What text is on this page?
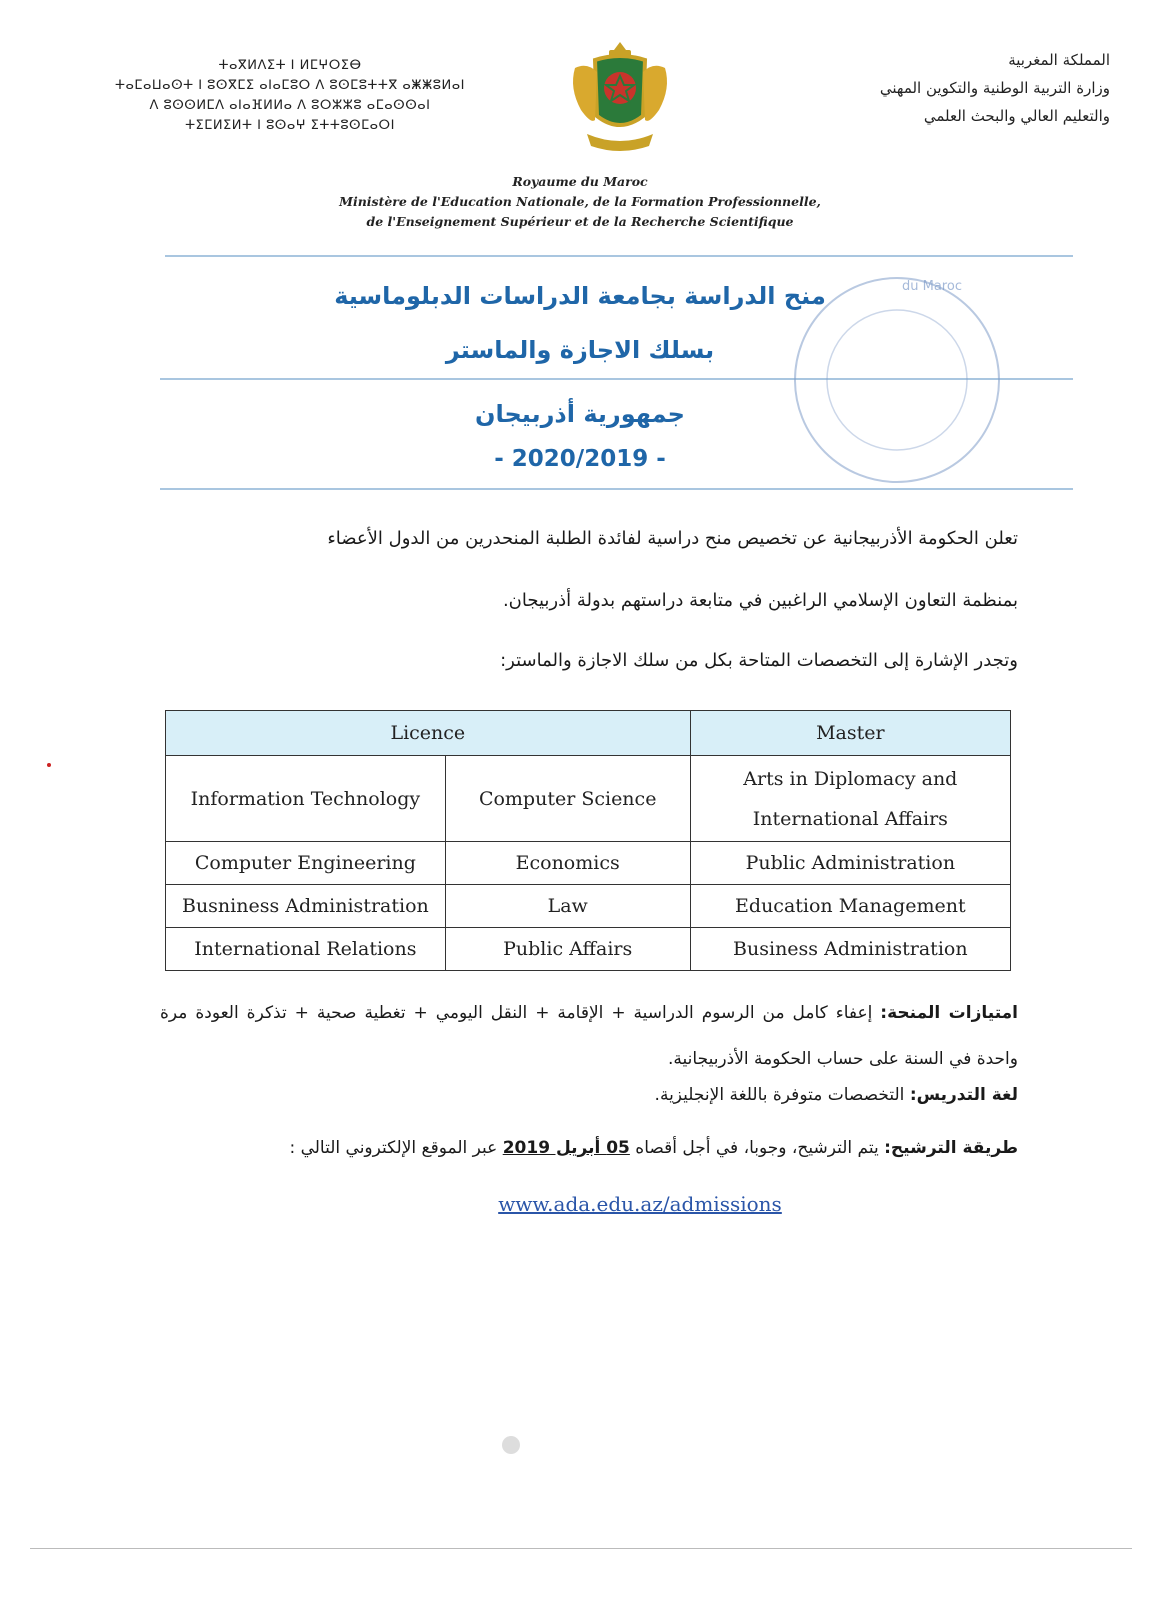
ⵜⴰⴳⵍⴷⵉⵜ ⵏ ⵍⵎⵖⵔⵉⴱ
ⵜⴰⵎⴰⵡⴰⵙⵜ ⵏ ⵓⵙⴳⵎⵉ ⴰⵏⴰⵎⵓⵔ ⴷ ⵓⵙⵎⵓⵜⵜⴳ ⴰⵥⵥⵓⵍⴰⵏ
ⴷ ⵓⵙⵙⵍⵎⴷ ⴰⵏⴰⴼⵍⵍⴰ ⴷ ⵓⵔⵣⵣⵓ ⴰⵎⴰⵙⵙⴰⵏ
ⵜⵉⵎⵍⵉⵍⵜ ⵏ ⵓⵙⴰⵖ ⵉⵜⵜⵓⵙⵎⴰⵔⵏ
المملكة المغربية
وزارة التربية الوطنية والتكوين المهني
والتعليم العالي والبحث العلمي
Royaume du Maroc
Ministère de l'Education Nationale, de la Formation Professionnelle,
de l'Enseignement Supérieur et de la Recherche Scientifique
منح الدراسة بجامعة الدراسات الدبلوماسية
بسلك الاجازة والماستر
جمهورية أذربيجان
- 2020/2019 -
du Maroc
تعلن الحكومة الأذربيجانية عن تخصيص منح دراسية لفائدة الطلبة المنحدرين من الدول الأعضاء
بمنظمة التعاون الإسلامي الراغبين في متابعة دراستهم بدولة أذربيجان.
وتجدر الإشارة إلى التخصصات المتاحة بكل من سلك الاجازة والماستر:
Licence		Master
Information Technology	Computer Science	Arts in Diplomacy and
International Affairs

Computer Engineering	Economics	Public Administration
Busniness Administration	Law	Education Management
International Relations	Public Affairs	Business Administration
امتيازات المنحة: إعفاء كامل من الرسوم الدراسية + الإقامة + النقل اليومي + تغطية صحية + تذكرة العودة مرة واحدة في السنة على حساب الحكومة الأذربيجانية.
لغة التدريس: التخصصات متوفرة باللغة الإنجليزية.
طريقة الترشيح: يتم الترشيح، وجوبا، في أجل أقصاه 05 أبريل 2019 عبر الموقع الإلكتروني التالي :
www.ada.edu.az/admissions
